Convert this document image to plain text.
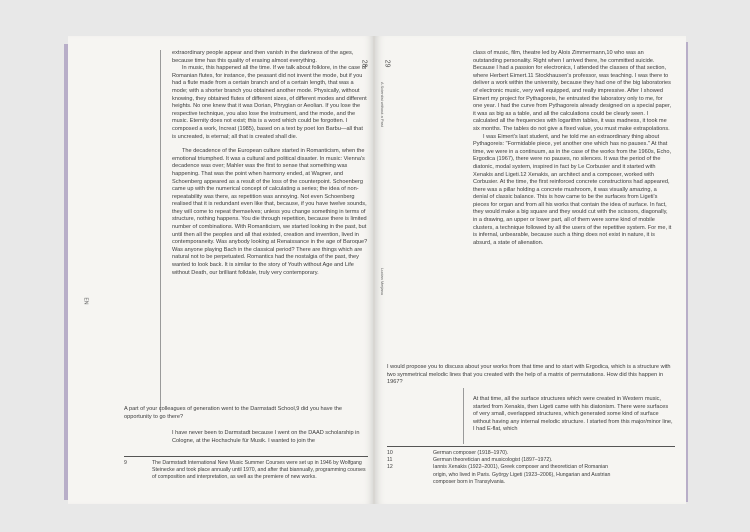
EN

extraordinary people appear and then vanish in the darkness of the ages, because time has this quality of erasing almost everything.

In music, this happened all the time. If we talk about folklore, in the case of Romanian flutes, for instance, the peasant did not invent the mode, but if you had a flute made from a certain branch and of a certain length, that was a mode; with a shorter branch you obtained another mode. Physically, without knowing, they obtained flutes of different sizes, of different modes and different heights. No one knew that it was Dorian, Phrygian or Aeolian. If you lose the respective technique, you also lose the instrument, and the mode, and the music. Eternity does not exist; this is a word which could be forgotten. I composed a work, Increat (1985), based on a text by poet Ion Barbu—all that is uncreated, is eternal; all that is created shall die.

The decadence of the European culture started in Romanticism, when the emotional triumphed. It was a cultural and political disaster. In music: Vienna's decadence was over; Mahler was the first to sense that something was happening. That was the point when harmony ended, at Wagner, and Schoenberg appeared as a result of the loss of the counterpoint. Schoenberg came up with the numerical concept of calculating a series; the idea of non-repeatability was there, as repetition was annoying. Not even Schoenberg realised that it is redundant even like that, because, if you have twelve sounds, they will come to repeat themselves; unless you change something in terms of structure, nothing happens. You die through repetition, because there is limited number of combinations. With Romanticism, we started looking in the past, but until then all the peoples and all that existed, creation and invention, lived in contemporaneity. Was anybody looking at Renaissance in the age of Baroque? Was anyone playing Bach in the classical period? There are things which are natural not to be perpetuated. Romantics had the nostalgia of the past, they wanted to look back. It is similar to the story of Youth without Age and Life without Death, our brilliant folktale, truly very contemporary.

A part of your colleagues of generation went to the Darmstadt School,9 did you have the opportunity to go there?
I have never been to Darmstadt because I went on the DAAD scholarship in Cologne, at the Hochschule für Musik. I wanted to join the
9	The Darmstadt International New Music Summer Courses were set up in 1946 by Wolfgang Steinecke and took place annually until 1970, and after that biannually, programming courses of composition and interpretation, as well as the premiere of new works.
28 29
Lucian Meţianu
A Scientist without a Past

class of music, film, theatre led by Alois Zimmermann,10 who was an outstanding personality. Right when I arrived there, he committed suicide. Because I had a passion for electronics, I attended the classes of that section, where Herbert Eimert.11 Stockhausen's professor, was teaching. I was there to deliver a work within the university, because they had one of the big laboratories of electronic music, very well equipped, and really impressive. After I showed Eimert my project for Pythagoreis, he entrusted the laboratory only to me, for one year. I had the curve from Pythagoreis already designed on a special paper, it was as big as a table, and all the calculations could be clearly seen. I calculated all the frequencies with logarithm tables, it was madness, it took me six months. The tables do not give a fixed value, you must make extrapolations.

I was Eimert's last student, and he told me an extraordinary thing about Pythagoreis: "Formidable piece, yet another one which has no pauses." At that time, we were in a continuum, as in the case of the works from the 1960s, Echo, Ergodica (1967), there were no pauses, no silences. It was the period of the diatonic, modal system, inspired in fact by Le Corbusier and it started with Xenakis and Ligeti.12 Xenakis, an architect and a composer, worked with Corbusier. At the time, the first reinforced concrete constructions had appeared, there was a pillar holding a concrete mushroom, it was visually amazing, a denial of classic balance. This is how came to be the surfaces from Ligeti's pieces for organ and from all his works that contain the idea of surface. In fact, they would make a big square and they would cut with the scissors, diagonally, in a drawing, an upper or lower part, all of them were some kind of mobile clusters, a technique followed by all the users of the repetitive system. For me, it is infernal, unbearable, because such a thing does not exist in nature, it is absurd, a state of alienation.

I would propose you to discuss about your works from that time and to start with Ergodica, which is a structure with two symmetrical melodic lines that you created with the help of a matrix of permutations. How did this happen in 1967?
At that time, all the surface structures which were created in Western music, started from Xenakis, then Ligeti came with his diatonism. There were surfaces of very small, overlapped structures, which generated some kind of surface without having any internal melodic structure. I started from this major/minor line, I had E-flat, which
10	German composer (1918–1970).
11	German theoretician and musicologist (1897–1972).
12	Iannis Xenakis (1922–2001), Greek composer and theoretician of Romanian origin, who lived in Paris. György Ligeti (1923–2006), Hungarian and Austrian composer born in Transylvania.
